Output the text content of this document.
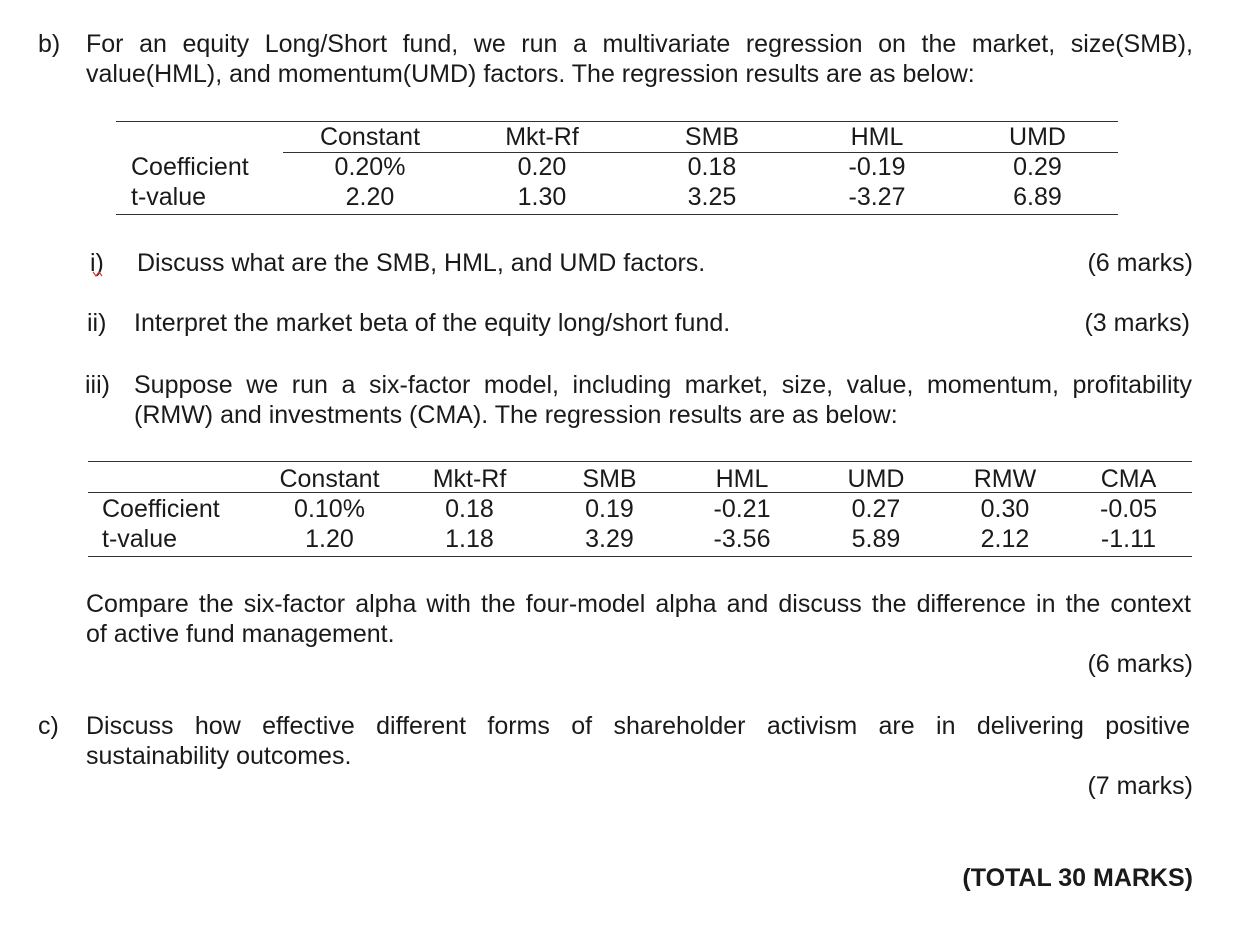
b) For an equity Long/Short fund, we run a multivariate regression on the market, size(SMB),
value(HML), and momentum(UMD) factors. The regression results are as below:
	Constant	Mkt-Rf	SMB	HML	UMD
Coefficient	0.20%	0.20	0.18	-0.19	0.29
t-value	2.20	1.30	3.25	-3.27	6.89
i) Discuss what are the SMB, HML, and UMD factors.	(6 marks)
ii) Interpret the market beta of the equity long/short fund.	(3 marks)
iii) Suppose we run a six-factor model, including market, size, value, momentum, profitability
(RMW) and investments (CMA). The regression results are as below:
	Constant	Mkt-Rf	SMB	HML	UMD	RMW	CMA
Coefficient	0.10%	0.18	0.19	-0.21	0.27	0.30	-0.05
t-value	1.20	1.18	3.29	-3.56	5.89	2.12	-1.11
Compare the six-factor alpha with the four-model alpha and discuss the difference in the context
of active fund management.
(6 marks)
c) Discuss how effective different forms of shareholder activism are in delivering positive
sustainability outcomes.
(7 marks)
(TOTAL 30 MARKS)
